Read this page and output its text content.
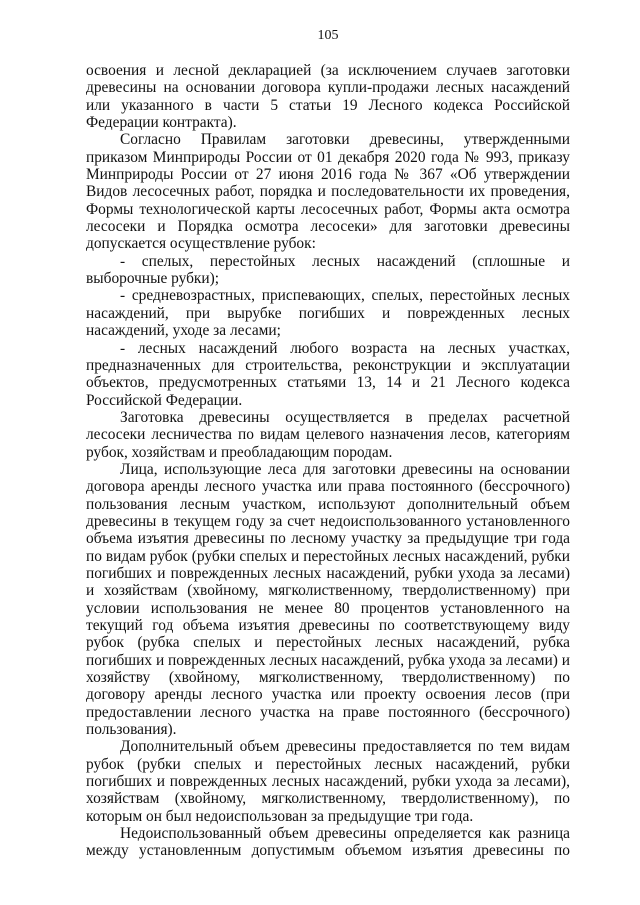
105

освоения и лесной декларацией (за исключением случаев заготовки древесины на основании договора купли-продажи лесных насаждений или указанного в части 5 статьи 19 Лесного кодекса Российской Федерации контракта).

Согласно Правилам заготовки древесины, утвержденными приказом Минприроды России от 01 декабря 2020 года № 993, приказу Минприроды России от 27 июня 2016 года № 367 «Об утверждении Видов лесосечных работ, порядка и последовательности их проведения, Формы технологической карты лесосечных работ, Формы акта осмотра лесосеки и Порядка осмотра лесосеки» для заготовки древесины допускается осуществление рубок:

- спелых, перестойных лесных насаждений (сплошные и выборочные рубки);

- средневозрастных, приспевающих, спелых, перестойных лесных насаждений, при вырубке погибших и поврежденных лесных насаждений, уходе за лесами;

- лесных насаждений любого возраста на лесных участках, предназначенных для строительства, реконструкции и эксплуатации объектов, предусмотренных статьями 13, 14 и 21 Лесного кодекса Российской Федерации.

Заготовка древесины осуществляется в пределах расчетной лесосеки лесничества по видам целевого назначения лесов, категориям рубок, хозяйствам и преобладающим породам.

Лица, использующие леса для заготовки древесины на основании договора аренды лесного участка или права постоянного (бессрочного) пользования лесным участком, используют дополнительный объем древесины в текущем году за счет недоиспользованного установленного объема изъятия древесины по лесному участку за предыдущие три года по видам рубок (рубки спелых и перестойных лесных насаждений, рубки погибших и поврежденных лесных насаждений, рубки ухода за лесами) и хозяйствам (хвойному, мягколиственному, твердолиственному) при условии использования не менее 80 процентов установленного на текущий год объема изъятия древесины по соответствующему виду рубок (рубка спелых и перестойных лесных насаждений, рубка погибших и поврежденных лесных насаждений, рубка ухода за лесами) и хозяйству (хвойному, мягколиственному, твердолиственному) по договору аренды лесного участка или проекту освоения лесов (при предоставлении лесного участка на праве постоянного (бессрочного) пользования).

Дополнительный объем древесины предоставляется по тем видам рубок (рубки спелых и перестойных лесных насаждений, рубки погибших и поврежденных лесных насаждений, рубки ухода за лесами), хозяйствам (хвойному, мягколиственному, твердолиственному), по которым он был недоиспользован за предыдущие три года.

Недоиспользованный объем древесины определяется как разница между установленным допустимым объемом изъятия древесины по
